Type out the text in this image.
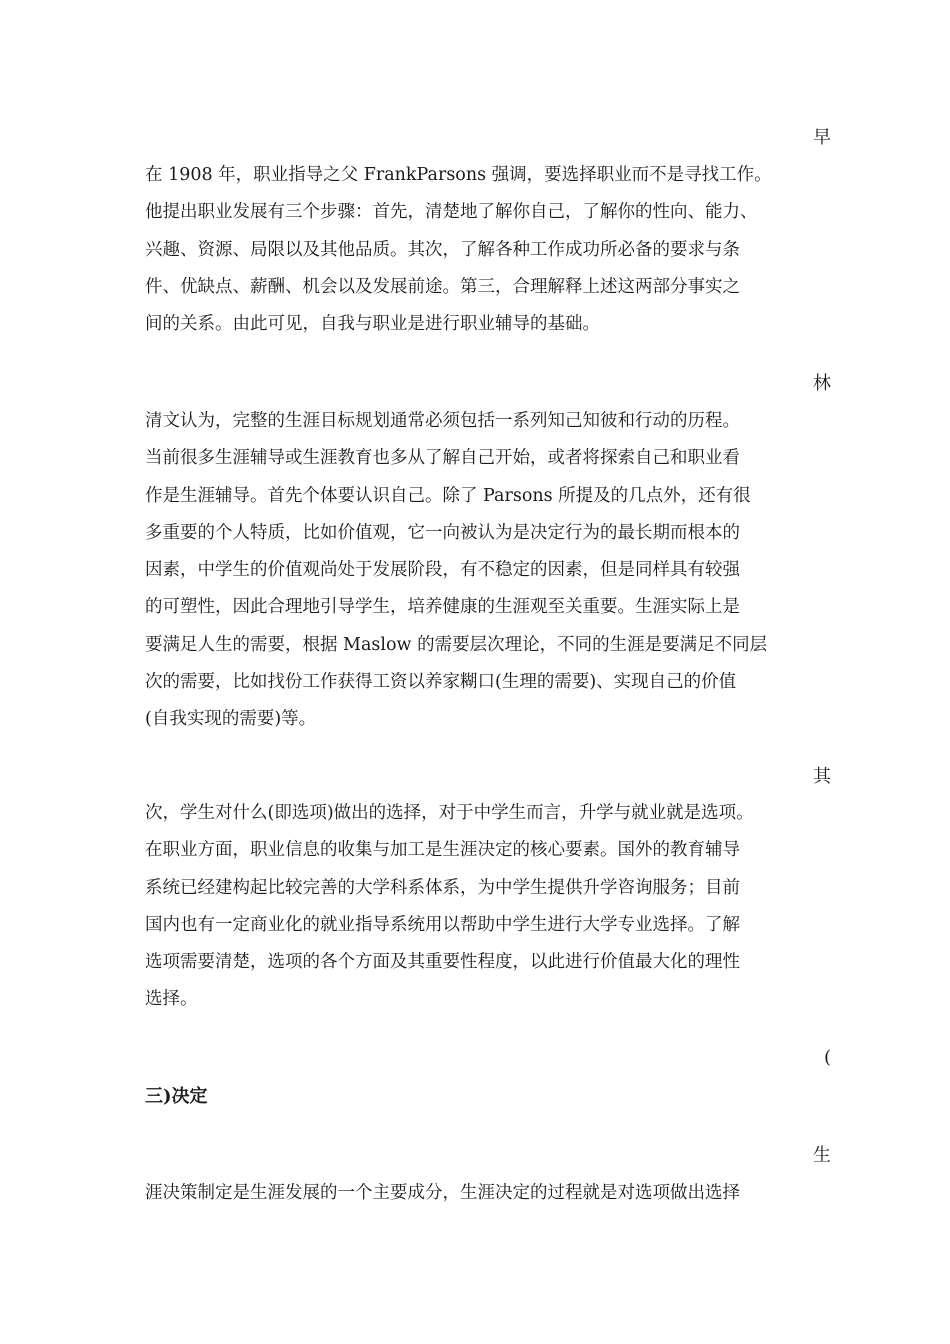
早
在 1908 年，职业指导之父 FrankParsons 强调，要选择职业而不是寻找工作。
他提出职业发展有三个步骤：首先，清楚地了解你自己，了解你的性向、能力、
兴趣、资源、局限以及其他品质。其次，了解各种工作成功所必备的要求与条
件、优缺点、薪酬、机会以及发展前途。第三，合理解释上述这两部分事实之
间的关系。由此可见，自我与职业是进行职业辅导的基础。
林
清文认为，完整的生涯目标规划通常必须包括一系列知己知彼和行动的历程。
当前很多生涯辅导或生涯教育也多从了解自己开始，或者将探索自己和职业看
作是生涯辅导。首先个体要认识自己。除了 Parsons 所提及的几点外，还有很
多重要的个人特质，比如价值观，它一向被认为是决定行为的最长期而根本的
因素，中学生的价值观尚处于发展阶段，有不稳定的因素，但是同样具有较强
的可塑性，因此合理地引导学生，培养健康的生涯观至关重要。生涯实际上是
要满足人生的需要，根据 Maslow 的需要层次理论，不同的生涯是要满足不同层
次的需要，比如找份工作获得工资以养家糊口(生理的需要)、实现自己的价值
(自我实现的需要)等。
其
次，学生对什么(即选项)做出的选择，对于中学生而言，升学与就业就是选项。
在职业方面，职业信息的收集与加工是生涯决定的核心要素。国外的教育辅导
系统已经建构起比较完善的大学科系体系，为中学生提供升学咨询服务；目前
国内也有一定商业化的就业指导系统用以帮助中学生进行大学专业选择。了解
选项需要清楚，选项的各个方面及其重要性程度，以此进行价值最大化的理性
选择。
(
三)决定
生
涯决策制定是生涯发展的一个主要成分，生涯决定的过程就是对选项做出选择
